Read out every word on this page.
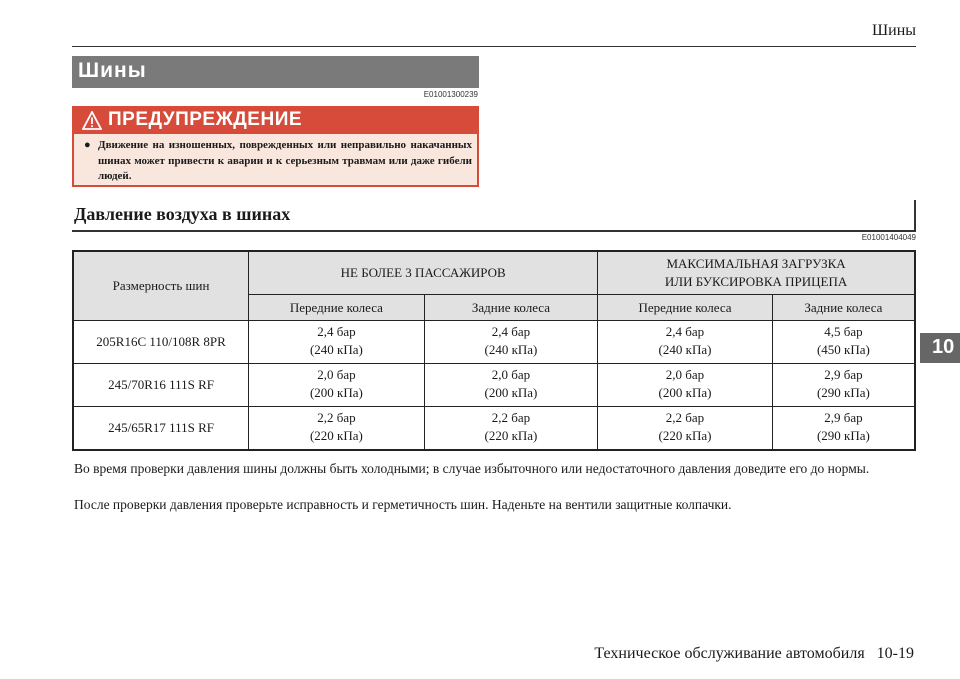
Шины
Шины
E01001300239
ПРЕДУПРЕЖДЕНИЕ
● Движение на изношенных, поврежденных или неправильно накачанных шинах может привести к аварии и к серьезным травмам или даже гибели людей.
Давление воздуха в шинах
E01001404049
Размерность шин	НЕ БОЛЕЕ 3 ПАССАЖИРОВ		МАКСИМАЛЬНАЯ ЗАГРУЗКА
ИЛИ БУКСИРОВКА ПРИЦЕПА	
	Передние колеса	Задние колеса	Передние колеса	Задние колеса
205R16C 110/108R 8PR	2,4 бар
(240 кПа)	2,4 бар
(240 кПа)	2,4 бар
(240 кПа)	4,5 бар
(450 кПа)
245/70R16 111S RF	2,0 бар
(200 кПа)	2,0 бар
(200 кПа)	2,0 бар
(200 кПа)	2,9 бар
(290 кПа)
245/65R17 111S RF	2,2 бар
(220 кПа)	2,2 бар
(220 кПа)	2,2 бар
(220 кПа)	2,9 бар
(290 кПа)
Во время проверки давления шины должны быть холодными; в случае избыточного или недостаточного давления доведите его до нормы.
После проверки давления проверьте исправность и герметичность шин. Наденьте на вентили защитные колпачки.
Техническое обслуживание автомобиля 10-19
10
